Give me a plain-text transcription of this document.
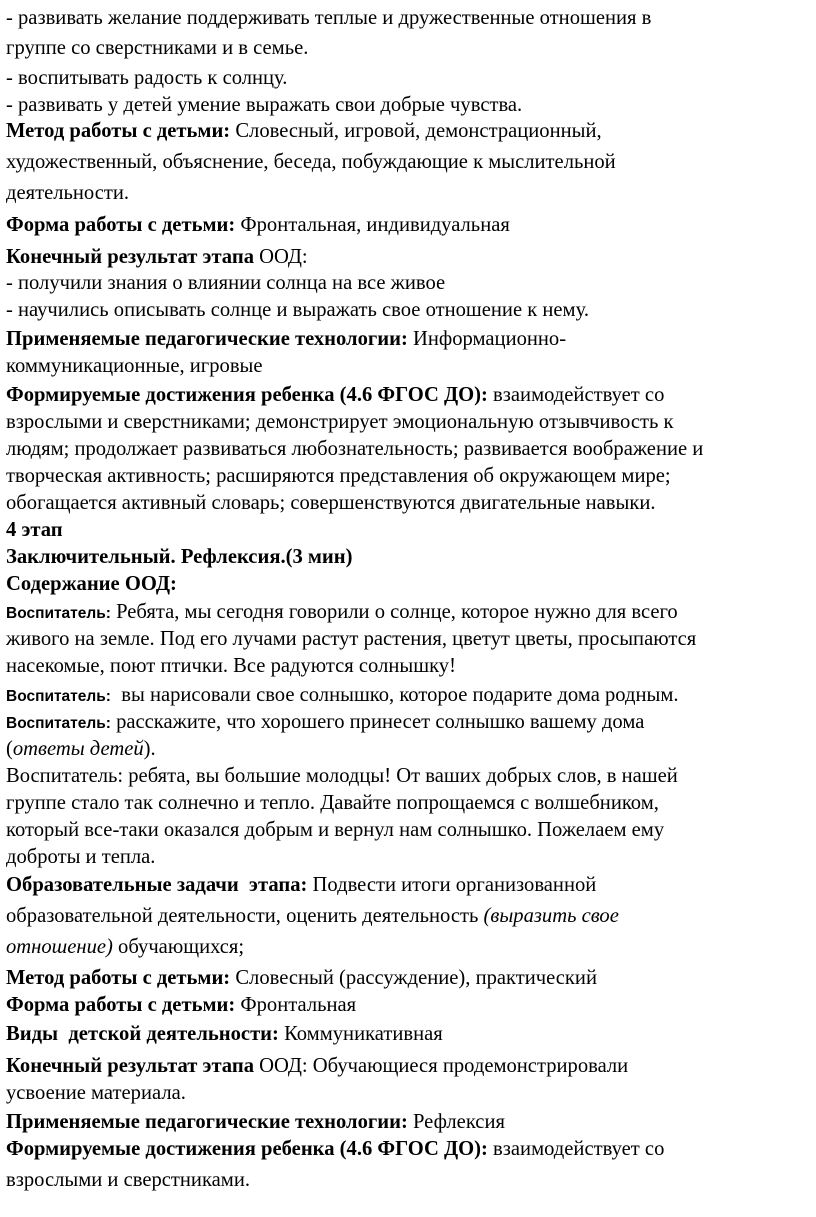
- развивать желание поддерживать теплые и дружественные отношения в
группе со сверстниками и в семье.
- воспитывать радость к солнцу.
- развивать у детей умение выражать свои добрые чувства.
Метод работы с детьми: Словесный, игровой, демонстрационный,
художественный, объяснение, беседа, побуждающие к мыслительной
деятельности.
Форма работы с детьми: Фронтальная, индивидуальная
Конечный результат этапа ООД:
- получили знания о влиянии солнца на все живое
- научились описывать солнце и выражать свое отношение к нему.
Применяемые педагогические технологии: Информационно-
коммуникационные, игровые
Формируемые достижения ребенка (4.6 ФГОС ДО): взаимодействует со
взрослыми и сверстниками; демонстрирует эмоциональную отзывчивость к
людям; продолжает развиваться любознательность; развивается воображение и
творческая активность; расширяются представления об окружающем мире;
обогащается активный словарь; совершенствуются двигательные навыки.
4 этап
Заключительный. Рефлексия.(3 мин)
Содержание ООД:
Воспитатель: Ребята, мы сегодня говорили о солнце, которое нужно для всего
живого на земле. Под его лучами растут растения, цветут цветы, просыпаются
насекомые, поют птички. Все радуются солнышку!
Воспитатель:  вы нарисовали свое солнышко, которое подарите дома родным.
Воспитатель: расскажите, что хорошего принесет солнышко вашему дома
(ответы детей).
Воспитатель: ребята, вы большие молодцы! От ваших добрых слов, в нашей
группе стало так солнечно и тепло. Давайте попрощаемся с волшебником,
который все-таки оказался добрым и вернул нам солнышко. Пожелаем ему
доброты и тепла.
Образовательные задачи  этапа: Подвести итоги организованной
образовательной деятельности, оценить деятельность (выразить свое
отношение) обучающихся;
Метод работы с детьми: Словесный (рассуждение), практический
Форма работы с детьми: Фронтальная
Виды  детской деятельности: Коммуникативная
Конечный результат этапа ООД: Обучающиеся продемонстрировали
усвоение материала.
Применяемые педагогические технологии: Рефлексия
Формируемые достижения ребенка (4.6 ФГОС ДО): взаимодействует со
взрослыми и сверстниками.
